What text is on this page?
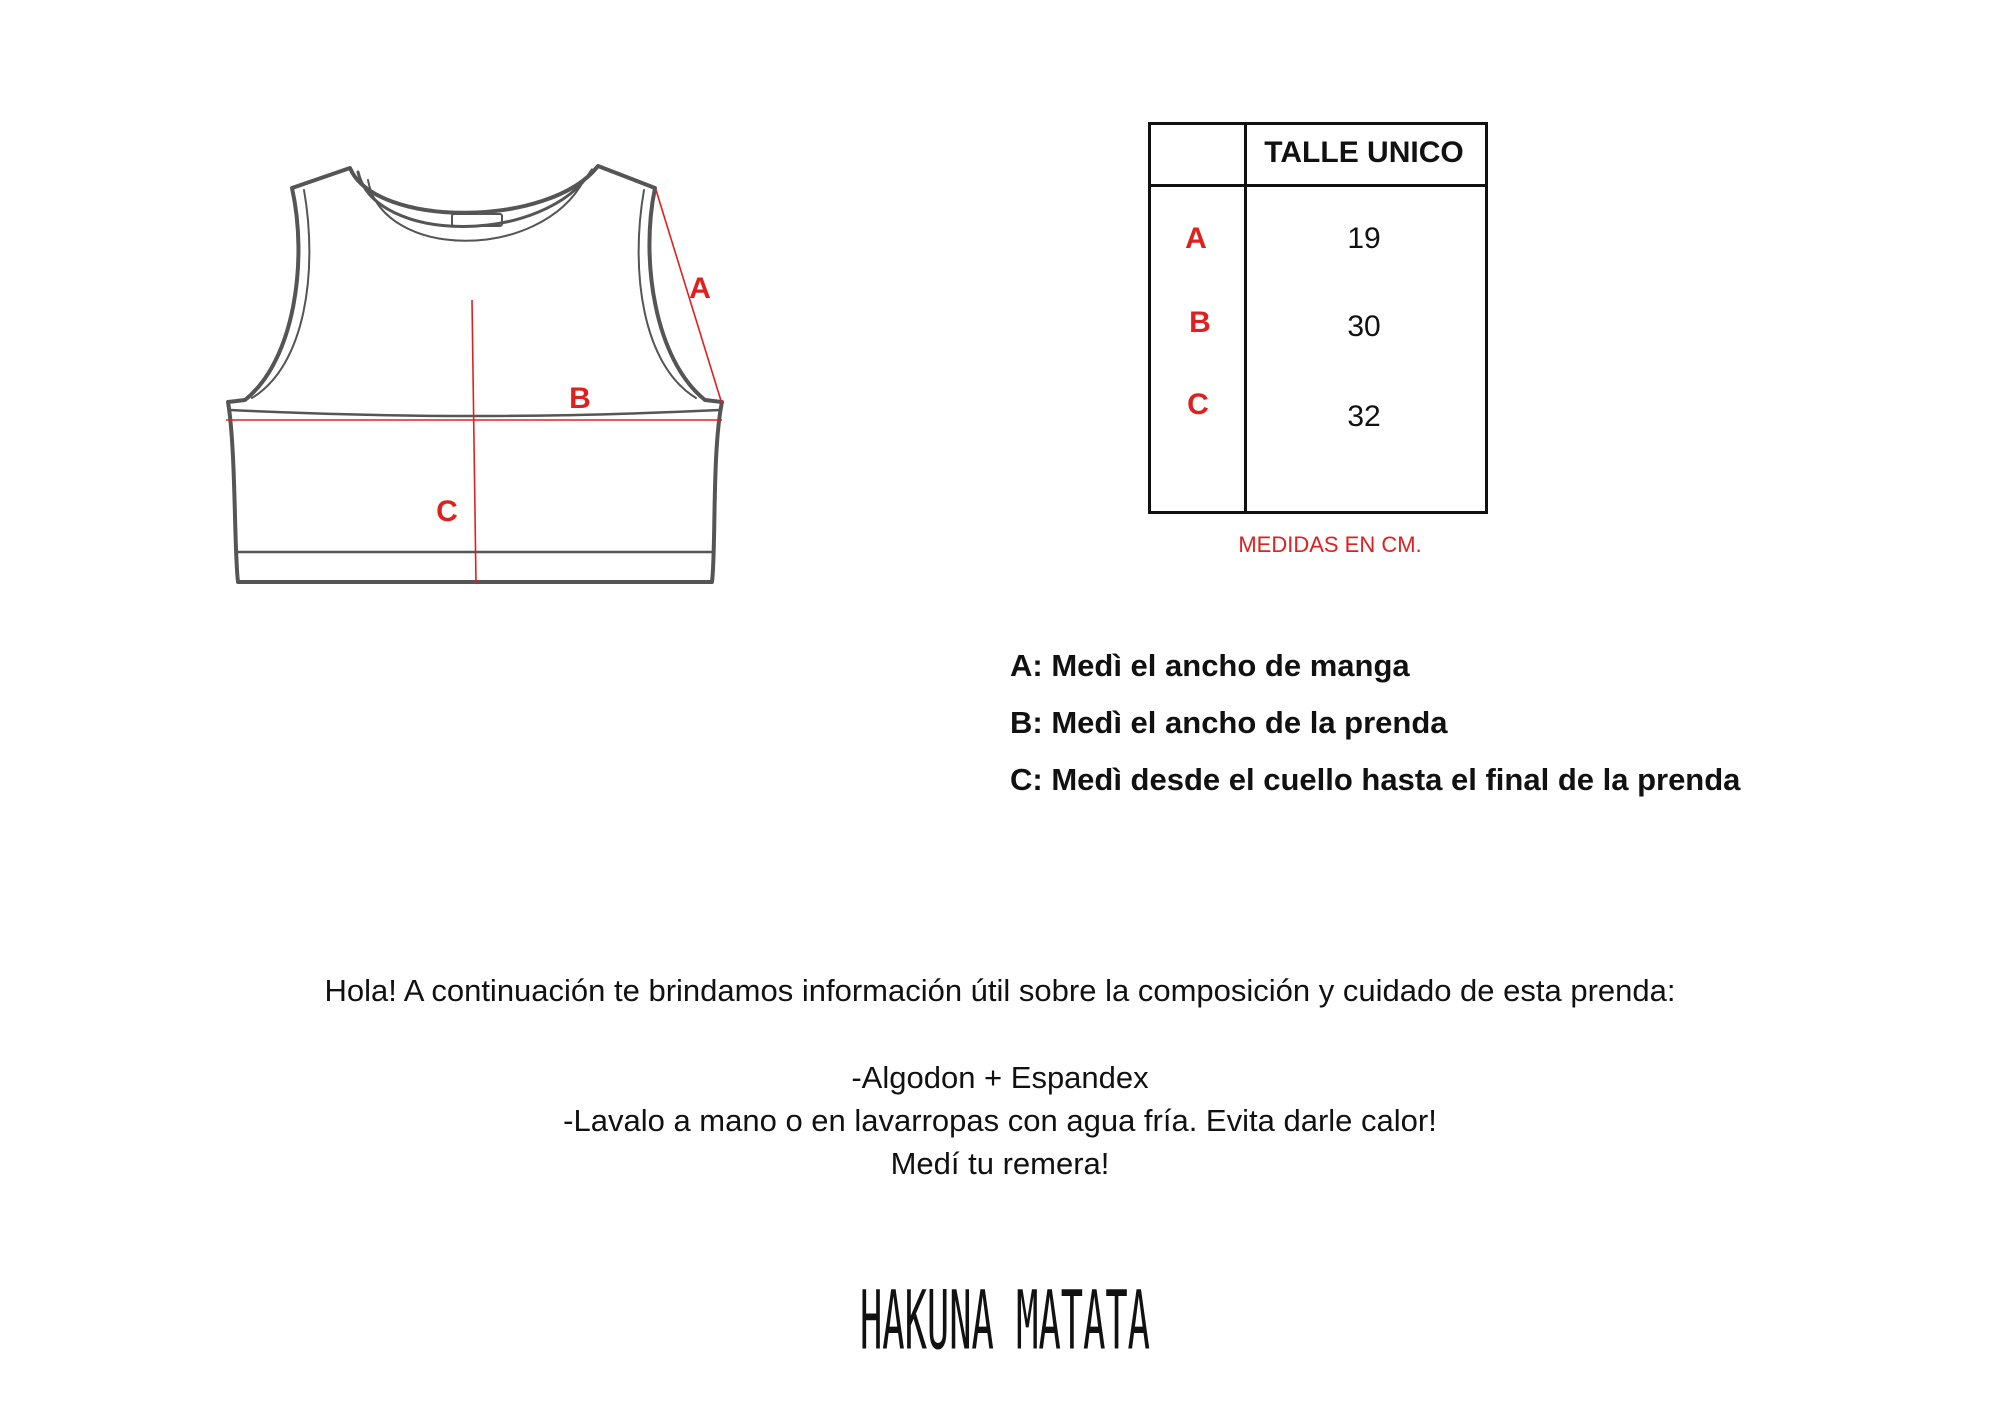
A
B
C
TALLE UNICO
A	19
B	30
C	32
MEDIDAS EN CM.
A: Medì el ancho de manga
B: Medì el ancho de la prenda
C: Medì desde el cuello hasta el final de la prenda
Hola! A continuación te brindamos información útil sobre la composición y cuidado de esta prenda:
-Algodon + Espandex
-Lavalo a mano o en lavarropas con agua fría. Evita darle calor!
Medí tu remera!
HAKUNA MATATA
